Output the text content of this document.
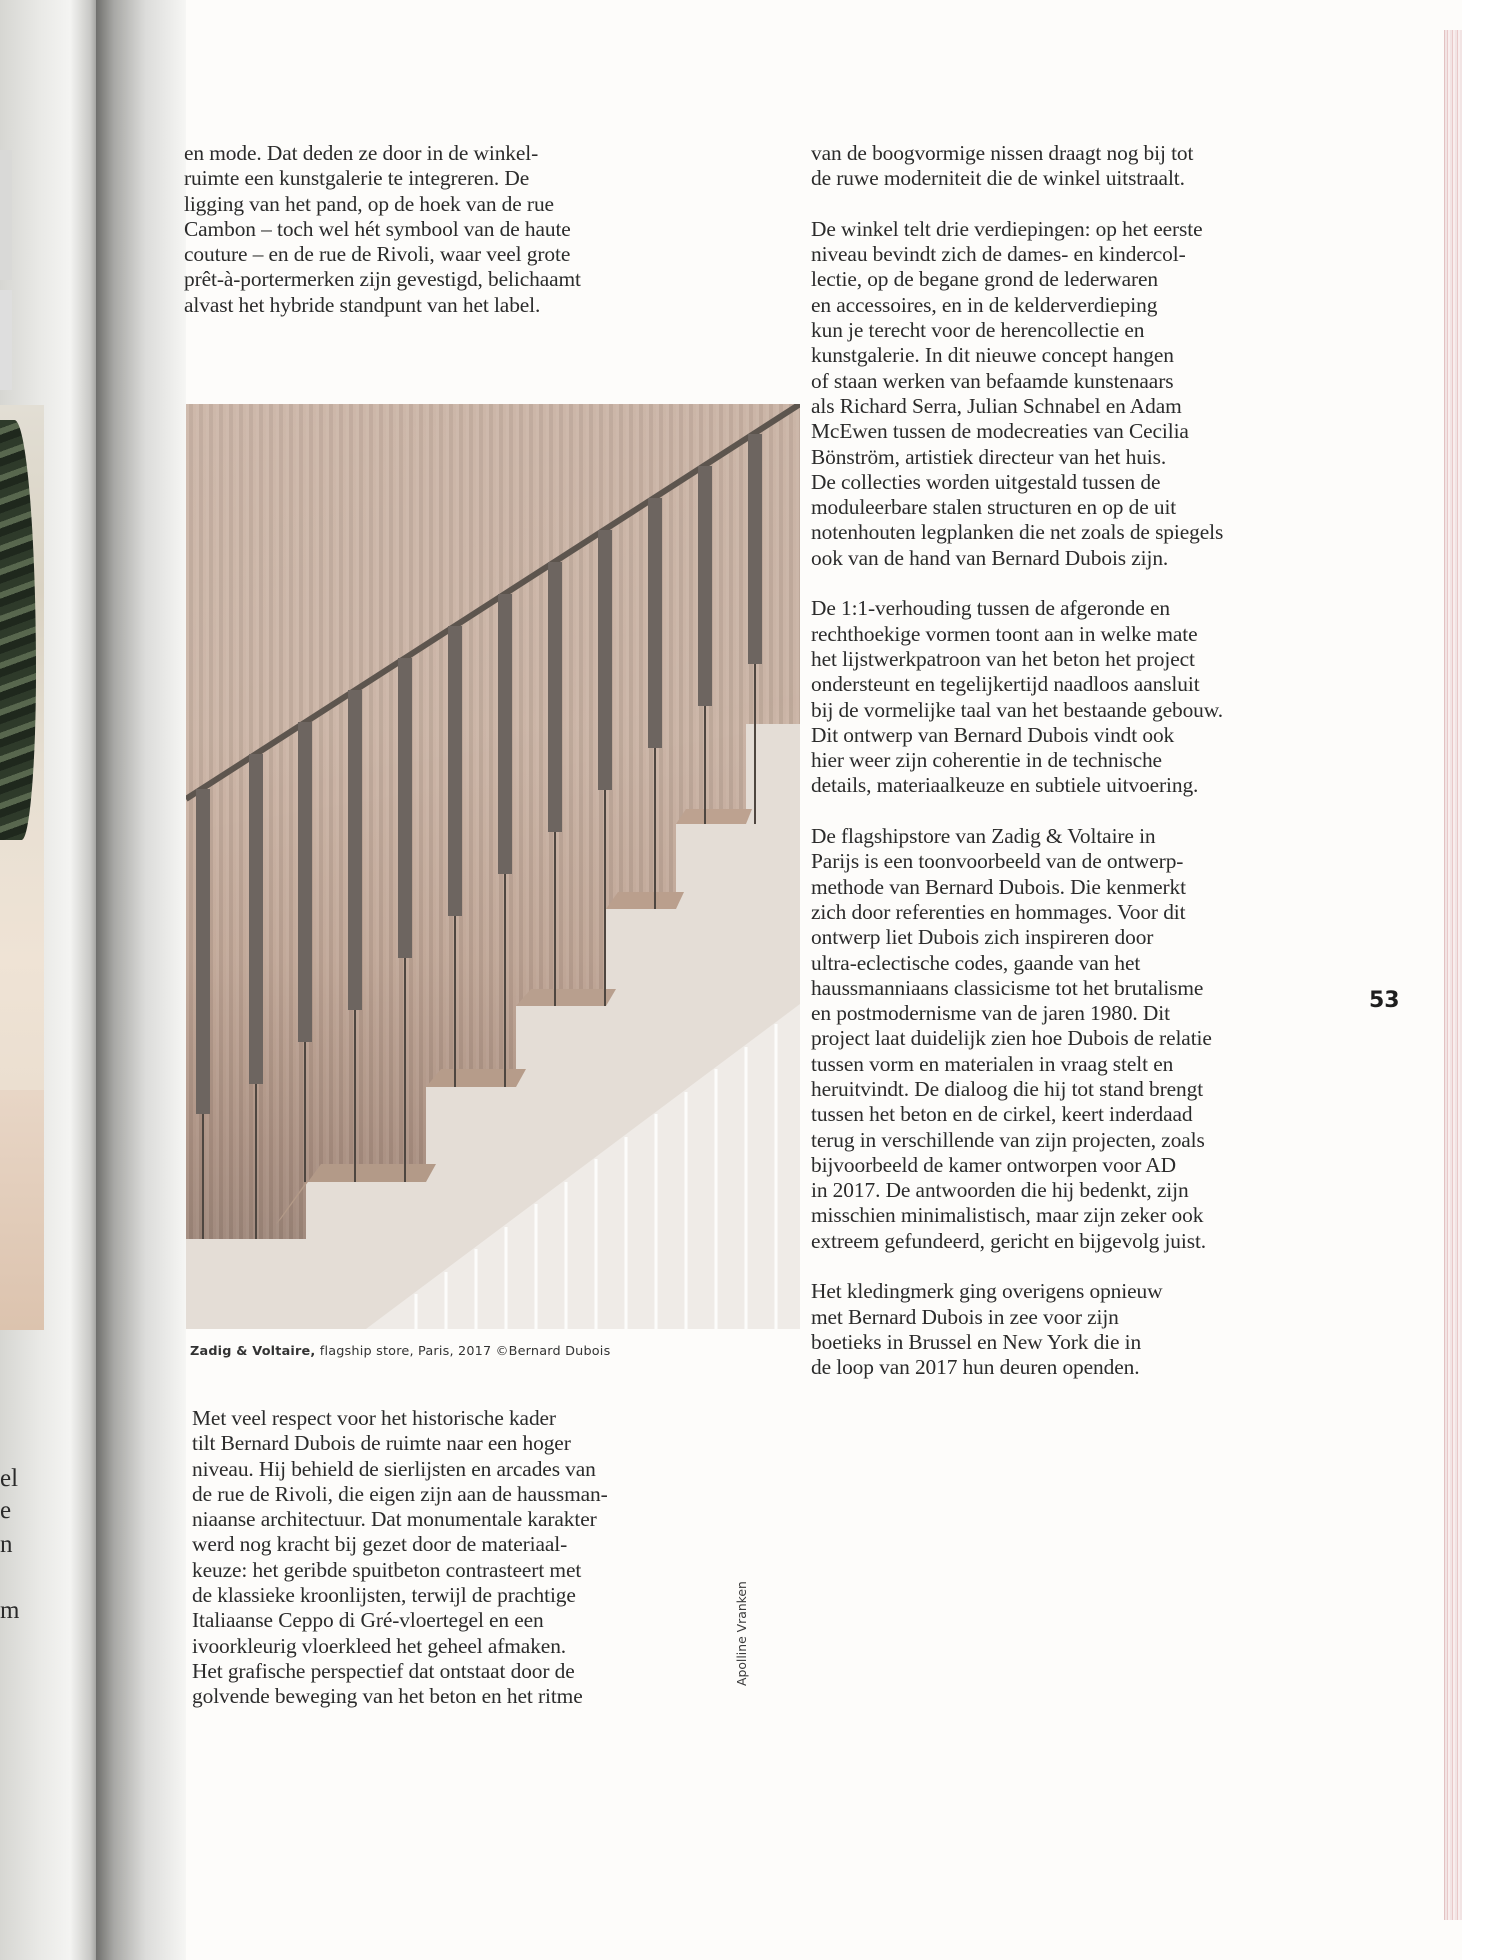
el
e
n
m

en mode. Dat deden ze door in de winkel-
ruimte een kunstgalerie te integreren. De
ligging van het pand, op de hoek van de rue
Cambon – toch wel hét symbool van de haute
couture – en de rue de Rivoli, waar veel grote
prêt-à-portermerken zijn gevestigd, belichaamt
alvast het hybride standpunt van het label.

Zadig & Voltaire, flagship store, Paris, 2017 ©Bernard Dubois

Met veel respect voor het historische kader
tilt Bernard Dubois de ruimte naar een hoger
niveau. Hij behield de sierlijsten en arcades van
de rue de Rivoli, die eigen zijn aan de haussman-
niaanse architectuur. Dat monumentale karakter
werd nog kracht bij gezet door de materiaal-
keuze: het geribde spuitbeton contrasteert met
de klassieke kroonlijsten, terwijl de prachtige
Italiaanse Ceppo di Gré-vloertegel en een
ivoorkleurig vloerkleed het geheel afmaken.
Het grafische perspectief dat ontstaat door de
golvende beweging van het beton en het ritme

Apolline Vranken

van de boogvormige nissen draagt nog bij tot
de ruwe moderniteit die de winkel uitstraalt.

De winkel telt drie verdiepingen: op het eerste
niveau bevindt zich de dames- en kindercol-
lectie, op de begane grond de lederwaren
en accessoires, en in de kelderverdieping
kun je terecht voor de herencollectie en
kunstgalerie. In dit nieuwe concept hangen
of staan werken van befaamde kunstenaars
als Richard Serra, Julian Schnabel en Adam
McEwen tussen de modecreaties van Cecilia
Bönström, artistiek directeur van het huis.
De collecties worden uitgestald tussen de
moduleerbare stalen structuren en op de uit
notenhouten legplanken die net zoals de spiegels
ook van de hand van Bernard Dubois zijn.

De 1:1-verhouding tussen de afgeronde en
rechthoekige vormen toont aan in welke mate
het lijstwerkpatroon van het beton het project
ondersteunt en tegelijkertijd naadloos aansluit
bij de vormelijke taal van het bestaande gebouw.
Dit ontwerp van Bernard Dubois vindt ook
hier weer zijn coherentie in de technische
details, materiaalkeuze en subtiele uitvoering.

De flagshipstore van Zadig & Voltaire in
Parijs is een toonvoorbeeld van de ontwerp-
methode van Bernard Dubois. Die kenmerkt
zich door referenties en hommages. Voor dit
ontwerp liet Dubois zich inspireren door
ultra-eclectische codes, gaande van het
haussmanniaans classicisme tot het brutalisme
en postmodernisme van de jaren 1980. Dit
project laat duidelijk zien hoe Dubois de relatie
tussen vorm en materialen in vraag stelt en
heruitvindt. De dialoog die hij tot stand brengt
tussen het beton en de cirkel, keert inderdaad
terug in verschillende van zijn projecten, zoals
bijvoorbeeld de kamer ontworpen voor AD
in 2017. De antwoorden die hij bedenkt, zijn
misschien minimalistisch, maar zijn zeker ook
extreem gefundeerd, gericht en bijgevolg juist.

Het kledingmerk ging overigens opnieuw
met Bernard Dubois in zee voor zijn
boetieks in Brussel en New York die in
de loop van 2017 hun deuren openden.

53
